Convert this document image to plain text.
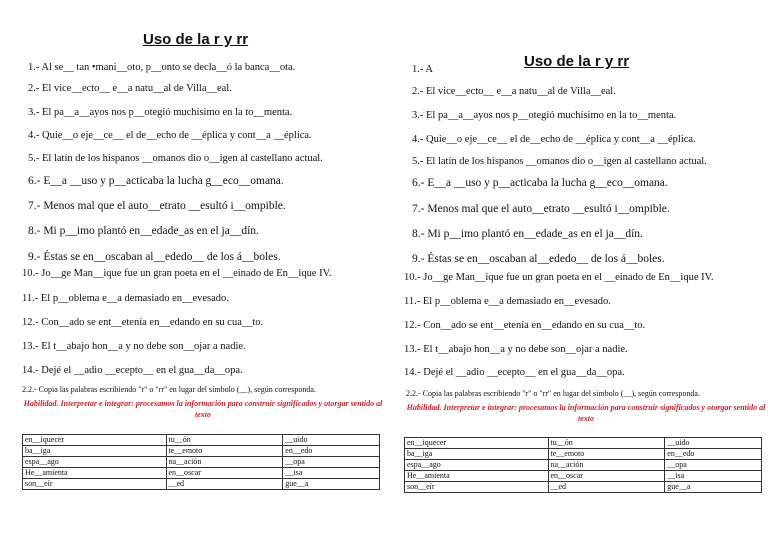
Uso de la r y rr

1.- Al se__ tan •mani__oto, p__onto se decla__ó la banca__ota.

2.- El vice__ecto__ e__a natu__al de Villa__eal.

3.- El pa__a__ayos nos p__otegió muchísimo en la to__menta.

4.- Quie__o eje__ce__ el de__echo de __éplica y cont__a __éplica.

5.- El latín de los hispanos __omanos dio o__igen al castellano actual.

6.- E__a __uso y p__acticaba la lucha g__eco__omana.

7.- Menos mal que el auto__etrato __esultó i__ompible.

8.- Mi p__imo plantó en__edade_as en el ja__dín.

9.- Éstas se en__oscaban al__ededo__ de los á__boles.

10.- Jo__ge Man__ique fue un gran poeta en el __einado de En__ique IV.

11.- El p__oblema e__a demasiado en__evesado.

12.- Con__ado se ent__etenía en__edando en su cua__to.

13.- El t__abajo hon__a y no debe son__ojar a nadie.

14.- Dejé el __adio __ecepto__ en el gua__da__opa.

2.2.- Copia las palabras escribiendo "r" o "rr" en lugar del símbolo (__), según corresponda.

Habilidad. Interpretar e integrar: procesamos la información para construir significados y otorgar sentido al texto

en__iquecer	tu__ón	__uido
ba__iga	te__emoto	en__edo
espa__ago	na__ación	__opa
He__amienta	en__oscar	__isa
son__eír	__ed	gue__a
Uso de la r y rr

1.- A

2.- El vice__ecto__ e__a natu__al de Villa__eal.

3.- El pa__a__ayos nos p__otegió muchísimo en la to__menta.

4.- Quie__o eje__ce__ el de__echo de __éplica y cont__a __éplica.

5.- El latín de los hispanos __omanos dio o__igen al castellano actual.

6.- E__a __uso y p__acticaba la lucha g__eco__omana.

7.- Menos mal que el auto__etrato __esultó i__ompible.

8.- Mi p__imo plantó en__edade_as en el ja__dín.

9.- Éstas se en__oscaban al__ededo__ de los á__boles.

10.- Jo__ge Man__ique fue un gran poeta en el __einado de En__ique IV.

11.- El p__oblema e__a demasiado en__evesado.

12.- Con__ado se ent__etenía en__edando en su cua__to.

13.- El t__abajo hon__a y no debe son__ojar a nadie.

14.- Dejé el __adio __ecepto__ en el gua__da__opa.

2.2.- Copia las palabras escribiendo "r" o "rr" en lugar del símbolo (__), según corresponda.

Habilidad. Interpretar e integrar: procesamos la información para construir significados y otorgar sentido al texto

en__iquecer	tu__ón	__uido
ba__iga	te__emoto	en__edo
espa__ago	na__ación	__opa
He__amienta	en__oscar	__isa
son__eír	__ed	gue__a
